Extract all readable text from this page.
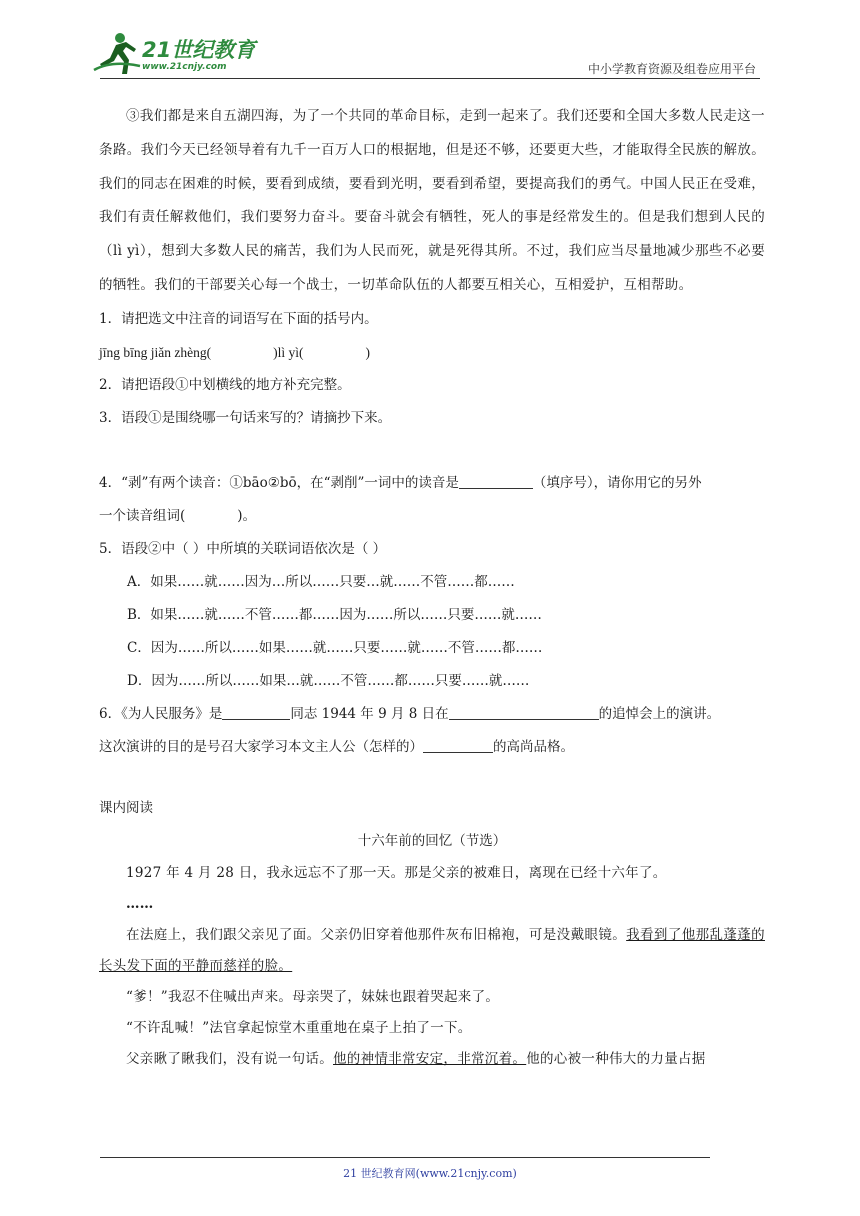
21世纪教育
www.21cnjy.com	中小学教育资源及组卷应用平台

③我们都是来自五湖四海，为了一个共同的革命目标，走到一起来了。我们还要和全国大多数人民走这一条路。我们今天已经领导着有九千一百万人口的根据地，但是还不够，还要更大些，才能取得全民族的解放。我们的同志在困难的时候，要看到成绩，要看到光明，要看到希望，要提高我们的勇气。中国人民正在受难，我们有责任解救他们，我们要努力奋斗。要奋斗就会有牺牲，死人的事是经常发生的。但是我们想到人民的（lì yì），想到大多数人民的痛苦，我们为人民而死，就是死得其所。不过，我们应当尽量地减少那些不必要的牺牲。我们的干部要关心每一个战士，一切革命队伍的人都要互相关心，互相爱护，互相帮助。

1．请把选文中注音的词语写在下面的括号内。

jīng bīng jiǎn zhèng(	)lì yì(	)

2．请把语段①中划横线的地方补充完整。

3．语段①是围绕哪一句话来写的？请摘抄下来。

4．“剥”有两个读音：①bāo②bō，在“剥削”一词中的读音是	（填序号），请你用它的另外

一个读音组词(	)。

5．语段②中（ ）中所填的关联词语依次是（ ）

A．如果……就……因为…所以……只要…就……不管……都……

B．如果……就……不管……都……因为……所以……只要……就……

C．因为……所以……如果……就……只要……就……不管……都……

D．因为……所以……如果…就……不管……都……只要……就……

6．《为人民服务》是	同志 1944 年 9 月 8 日在	的追悼会上的演讲。

这次演讲的目的是号召大家学习本文主人公（怎样的）	的高尚品格。

课内阅读

十六年前的回忆（节选）

1927 年 4 月 28 日，我永远忘不了那一天。那是父亲的被难日，离现在已经十六年了。

……

在法庭上，我们跟父亲见了面。父亲仍旧穿着他那件灰布旧棉袍，可是没戴眼镜。我看到了他那乱蓬蓬的长头发下面的平静而慈祥的脸。

“爹！”我忍不住喊出声来。母亲哭了，妹妹也跟着哭起来了。

“不许乱喊！”法官拿起惊堂木重重地在桌子上拍了一下。

父亲瞅了瞅我们，没有说一句话。他的神情非常安定，非常沉着。他的心被一种伟大的力量占据

21 世纪教育网(www.21cnjy.com)
